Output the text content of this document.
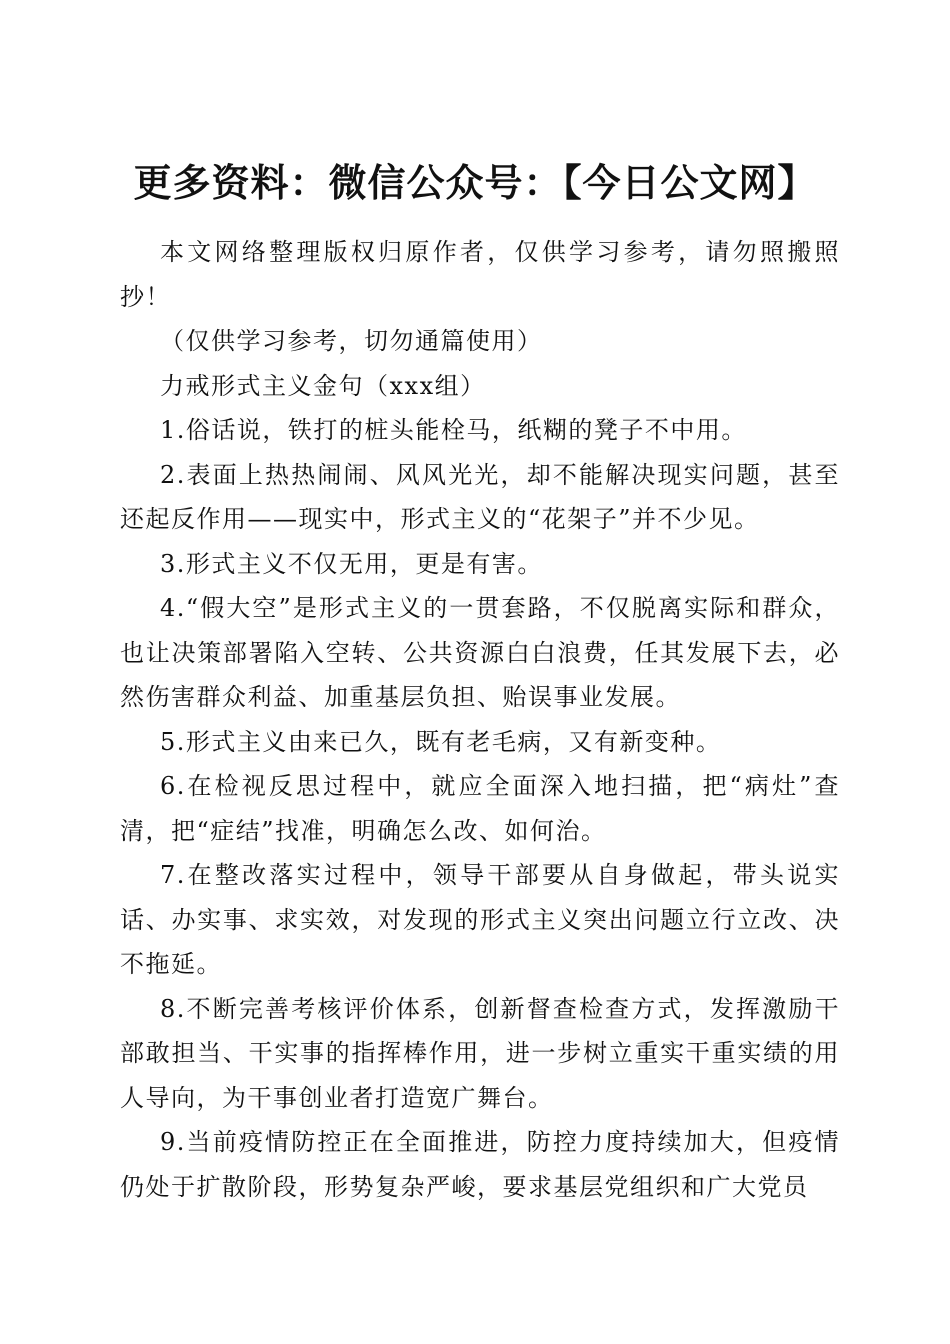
更多资料：微信公众号：【今日公文网】

本文网络整理版权归原作者，仅供学习参考，请勿照搬照抄！

（仅供学习参考，切勿通篇使用）

力戒形式主义金句（xxx组）

1.俗话说，铁打的桩头能栓马，纸糊的凳子不中用。

2.表面上热热闹闹、风风光光，却不能解决现实问题，甚至还起反作用——现实中，形式主义的“花架子”并不少见。

3.形式主义不仅无用，更是有害。

4.“假大空”是形式主义的一贯套路，不仅脱离实际和群众，也让决策部署陷入空转、公共资源白白浪费，任其发展下去，必然伤害群众利益、加重基层负担、贻误事业发展。

5.形式主义由来已久，既有老毛病，又有新变种。

6.在检视反思过程中，就应全面深入地扫描，把“病灶”查清，把“症结”找准，明确怎么改、如何治。

7.在整改落实过程中，领导干部要从自身做起，带头说实话、办实事、求实效，对发现的形式主义突出问题立行立改、决不拖延。

8.不断完善考核评价体系，创新督查检查方式，发挥激励干部敢担当、干实事的指挥棒作用，进一步树立重实干重实绩的用人导向，为干事创业者打造宽广舞台。

9.当前疫情防控正在全面推进，防控力度持续加大，但疫情仍处于扩散阶段，形势复杂严峻，要求基层党组织和广大党员
